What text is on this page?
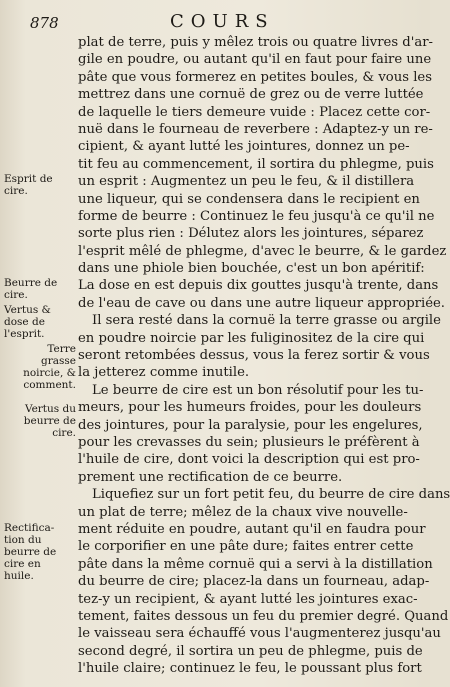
878	COURS
plat de terre, puis y mêlez trois ou quatre livres d'ar-
gile en poudre, ou autant qu'il en faut pour faire une
pâte que vous formerez en petites boules, & vous les
mettrez dans une cornuë de grez ou de verre luttée
de laquelle le tiers demeure vuide : Placez cette cor-
nuë dans le fourneau de reverbere : Adaptez-y un re-
cipient, & ayant lutté les jointures, donnez un pe-
tit feu au commencement, il sortira du phlegme, puis
un esprit : Augmentez un peu le feu, & il distillera
une liqueur, qui se condensera dans le recipient en
forme de beurre : Continuez le feu jusqu'à ce qu'il ne
sorte plus rien : Délutez alors les jointures, séparez
l'esprit mêlé de phlegme, d'avec le beurre, & le gardez
dans une phiole bien bouchée, c'est un bon apéritif:
La dose en est depuis dix gouttes jusqu'à trente, dans
de l'eau de cave ou dans une autre liqueur appropriée.
Il sera resté dans la cornuë la terre grasse ou argile
en poudre noircie par les fuliginositez de la cire qui
seront retombées dessus, vous la ferez sortir & vous
la jetterez comme inutile.
Le beurre de cire est un bon résolutif pour les tu-
meurs, pour les humeurs froides, pour les douleurs
des jointures, pour la paralysie, pour les engelures,
pour les crevasses du sein; plusieurs le préfèrent à
l'huile de cire, dont voici la description qui est pro-
prement une rectification de ce beurre.
Liquefiez sur un fort petit feu, du beurre de cire dans
un plat de terre; mêlez de la chaux vive nouvelle-
ment réduite en poudre, autant qu'il en faudra pour
le corporifier en une pâte dure; faites entrer cette
pâte dans la même cornuë qui a servi à la distillation
du beurre de cire; placez-la dans un fourneau, adap-
tez-y un recipient, & ayant lutté les jointures exac-
tement, faites dessous un feu du premier degré. Quand
le vaisseau sera échauffé vous l'augmenterez jusqu'au
second degré, il sortira un peu de phlegme, puis de
l'huile claire; continuez le feu, le poussant plus fort
Esprit de
cire.
Beurre de
cire.
Vertus &
dose de
l'esprit.
Terre
grasse
noircie, &
comment.
Vertus du
beurre de
cire.
Rectifica-
tion du
beurre de
cire en
huile.
